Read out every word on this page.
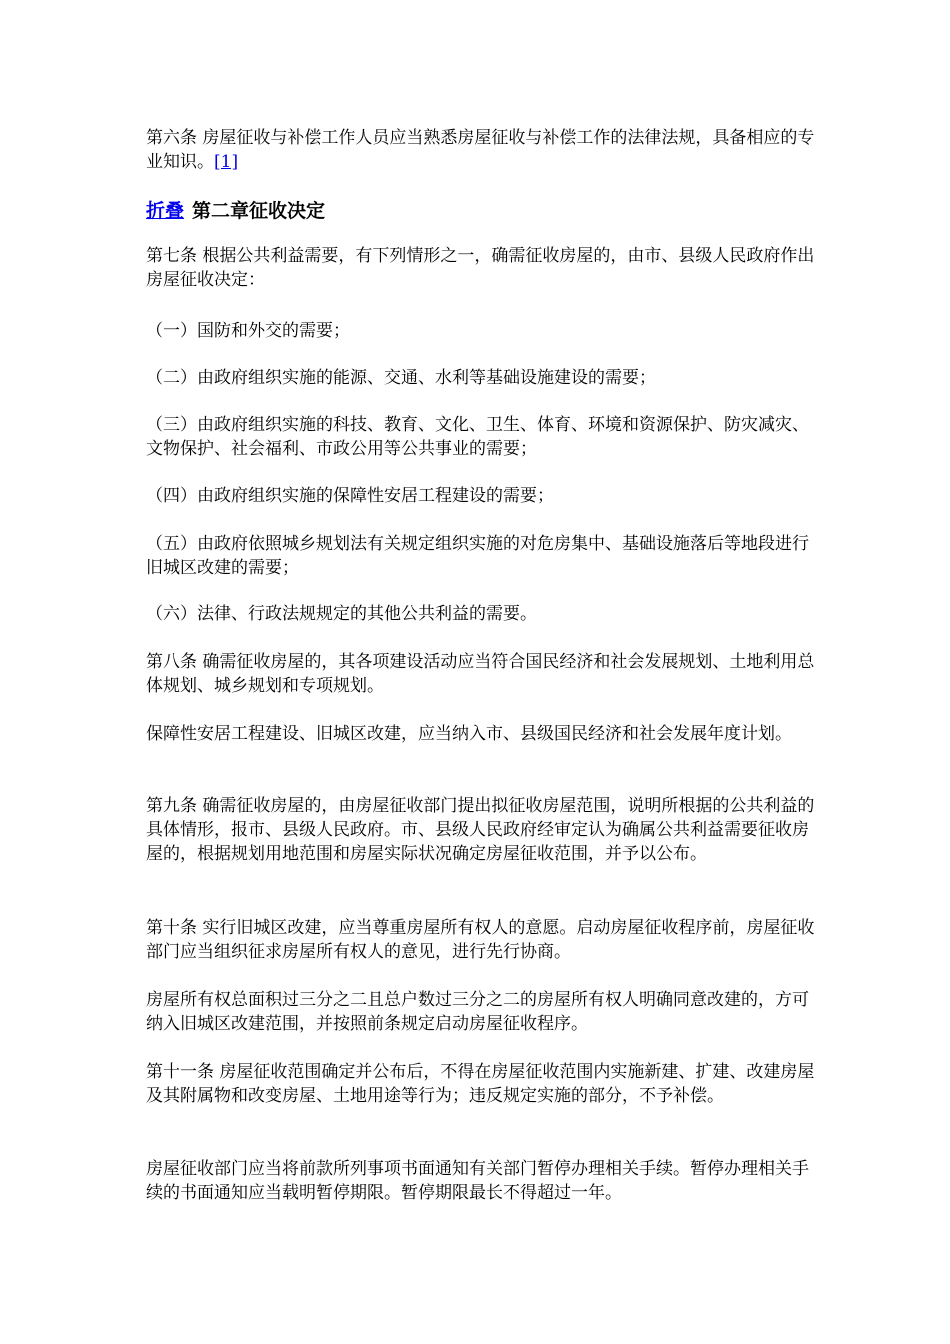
第六条 房屋征收与补偿工作人员应当熟悉房屋征收与补偿工作的法律法规，具备相应的专业知识。[1]

折叠 第二章征收决定

第七条 根据公共利益需要，有下列情形之一，确需征收房屋的，由市、县级人民政府作出房屋征收决定：

（一）国防和外交的需要；

（二）由政府组织实施的能源、交通、水利等基础设施建设的需要；

（三）由政府组织实施的科技、教育、文化、卫生、体育、环境和资源保护、防灾减灾、文物保护、社会福利、市政公用等公共事业的需要；

（四）由政府组织实施的保障性安居工程建设的需要；

（五）由政府依照城乡规划法有关规定组织实施的对危房集中、基础设施落后等地段进行旧城区改建的需要；

（六）法律、行政法规规定的其他公共利益的需要。

第八条 确需征收房屋的，其各项建设活动应当符合国民经济和社会发展规划、土地利用总体规划、城乡规划和专项规划。

保障性安居工程建设、旧城区改建，应当纳入市、县级国民经济和社会发展年度计划。

第九条 确需征收房屋的，由房屋征收部门提出拟征收房屋范围，说明所根据的公共利益的具体情形，报市、县级人民政府。市、县级人民政府经审定认为确属公共利益需要征收房屋的，根据规划用地范围和房屋实际状况确定房屋征收范围，并予以公布。

第十条 实行旧城区改建，应当尊重房屋所有权人的意愿。启动房屋征收程序前，房屋征收部门应当组织征求房屋所有权人的意见，进行先行协商。

房屋所有权总面积过三分之二且总户数过三分之二的房屋所有权人明确同意改建的，方可纳入旧城区改建范围，并按照前条规定启动房屋征收程序。

第十一条 房屋征收范围确定并公布后，不得在房屋征收范围内实施新建、扩建、改建房屋及其附属物和改变房屋、土地用途等行为；违反规定实施的部分，不予补偿。

房屋征收部门应当将前款所列事项书面通知有关部门暂停办理相关手续。暂停办理相关手续的书面通知应当载明暂停期限。暂停期限最长不得超过一年。
